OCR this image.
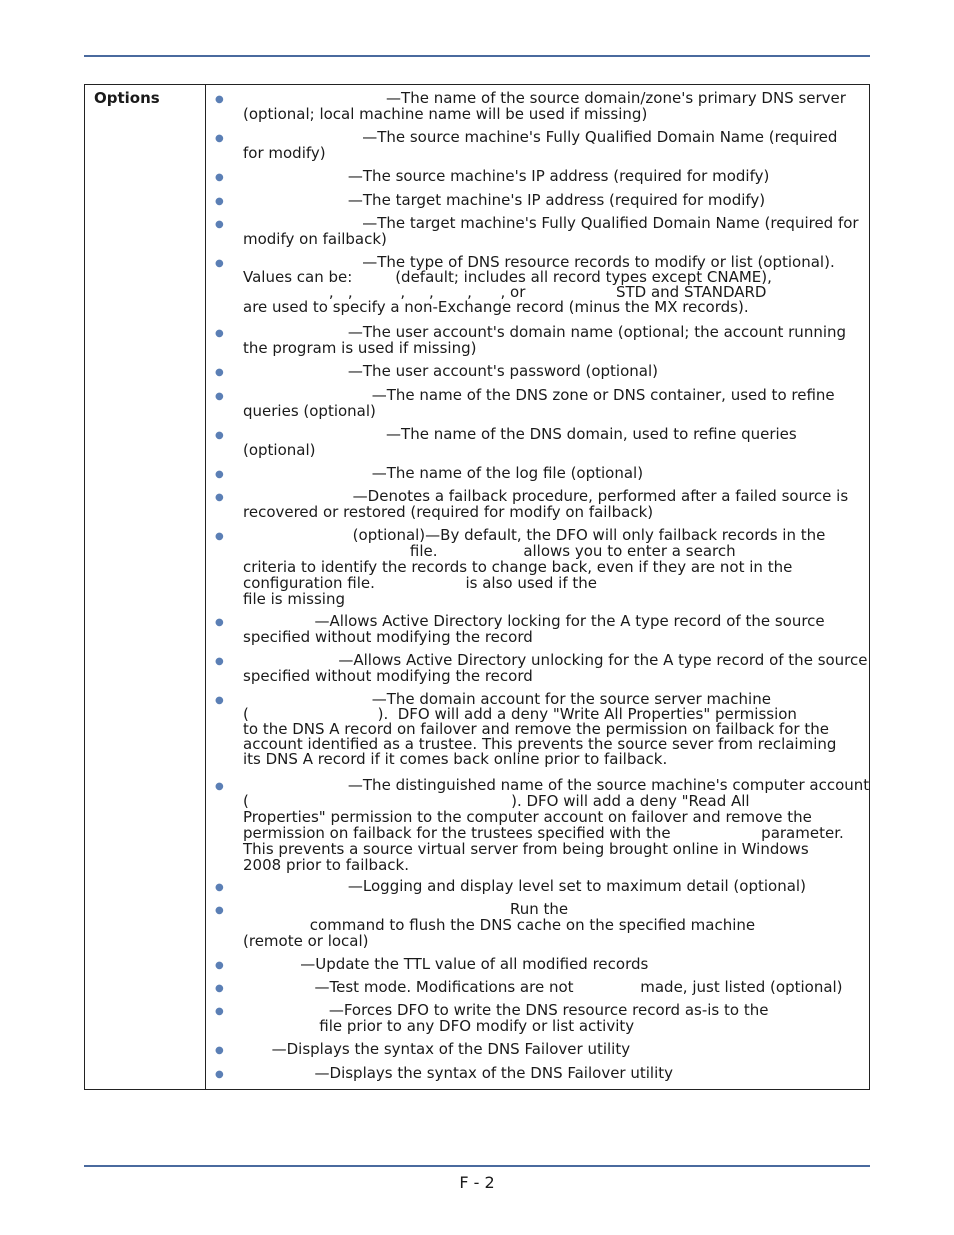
Options	● —The name of the source domain/zone's primary DNS server
(optional; local machine name will be used if missing)
● —The source machine's Fully Qualified Domain Name (required
for modify)
● —The source machine's IP address (required for modify)
● —The target machine's IP address (required for modify)
● —The target machine's Fully Qualified Domain Name (required for
modify on failback)
● —The type of DNS resource records to modify or list (optional).
Values can be:         (default; includes all record types except CNAME),
,   ,          ,     ,       ,      , or                   STD and STANDARD
are used to specify a non-Exchange record (minus the MX records).
● —The user account's domain name (optional; the account running
the program is used if missing)
● —The user account's password (optional)
● —The name of the DNS zone or DNS container, used to refine
queries (optional)
● —The name of the DNS domain, used to refine queries
(optional)
● —The name of the log file (optional)
● —Denotes a failback procedure, performed after a failed source is
recovered or restored (required for modify on failback)
● (optional)—By default, the DFO will only failback records in the
file.                  allows you to enter a search
criteria to identify the records to change back, even if they are not in the
configuration file.                   is also used if the
file is missing
● —Allows Active Directory locking for the A type record of the source
specified without modifying the record
● —Allows Active Directory unlocking for the A type record of the source
specified without modifying the record
● —The domain account for the source server machine
(                           ).  DFO will add a deny "Write All Properties" permission
to the DNS A record on failover and remove the permission on failback for the
account identified as a trustee. This prevents the source sever from reclaiming
its DNS A record if it comes back online prior to failback.
● —The distinguished name of the source machine's computer account
(                                                       ). DFO will add a deny "Read All
Properties" permission to the computer account on failover and remove the
permission on failback for the trustees specified with the                   parameter.
This prevents a source virtual server from being brought online in Windows
2008 prior to failback.
● —Logging and display level set to maximum detail (optional)
● Run the
command to flush the DNS cache on the specified machine
(remote or local)
● —Update the TTL value of all modified records
● —Test mode. Modifications are not              made, just listed (optional)
● —Forces DFO to write the DNS resource record as-is to the
file prior to any DFO modify or list activity
● —Displays the syntax of the DNS Failover utility
● —Displays the syntax of the DNS Failover utility
F - 2
